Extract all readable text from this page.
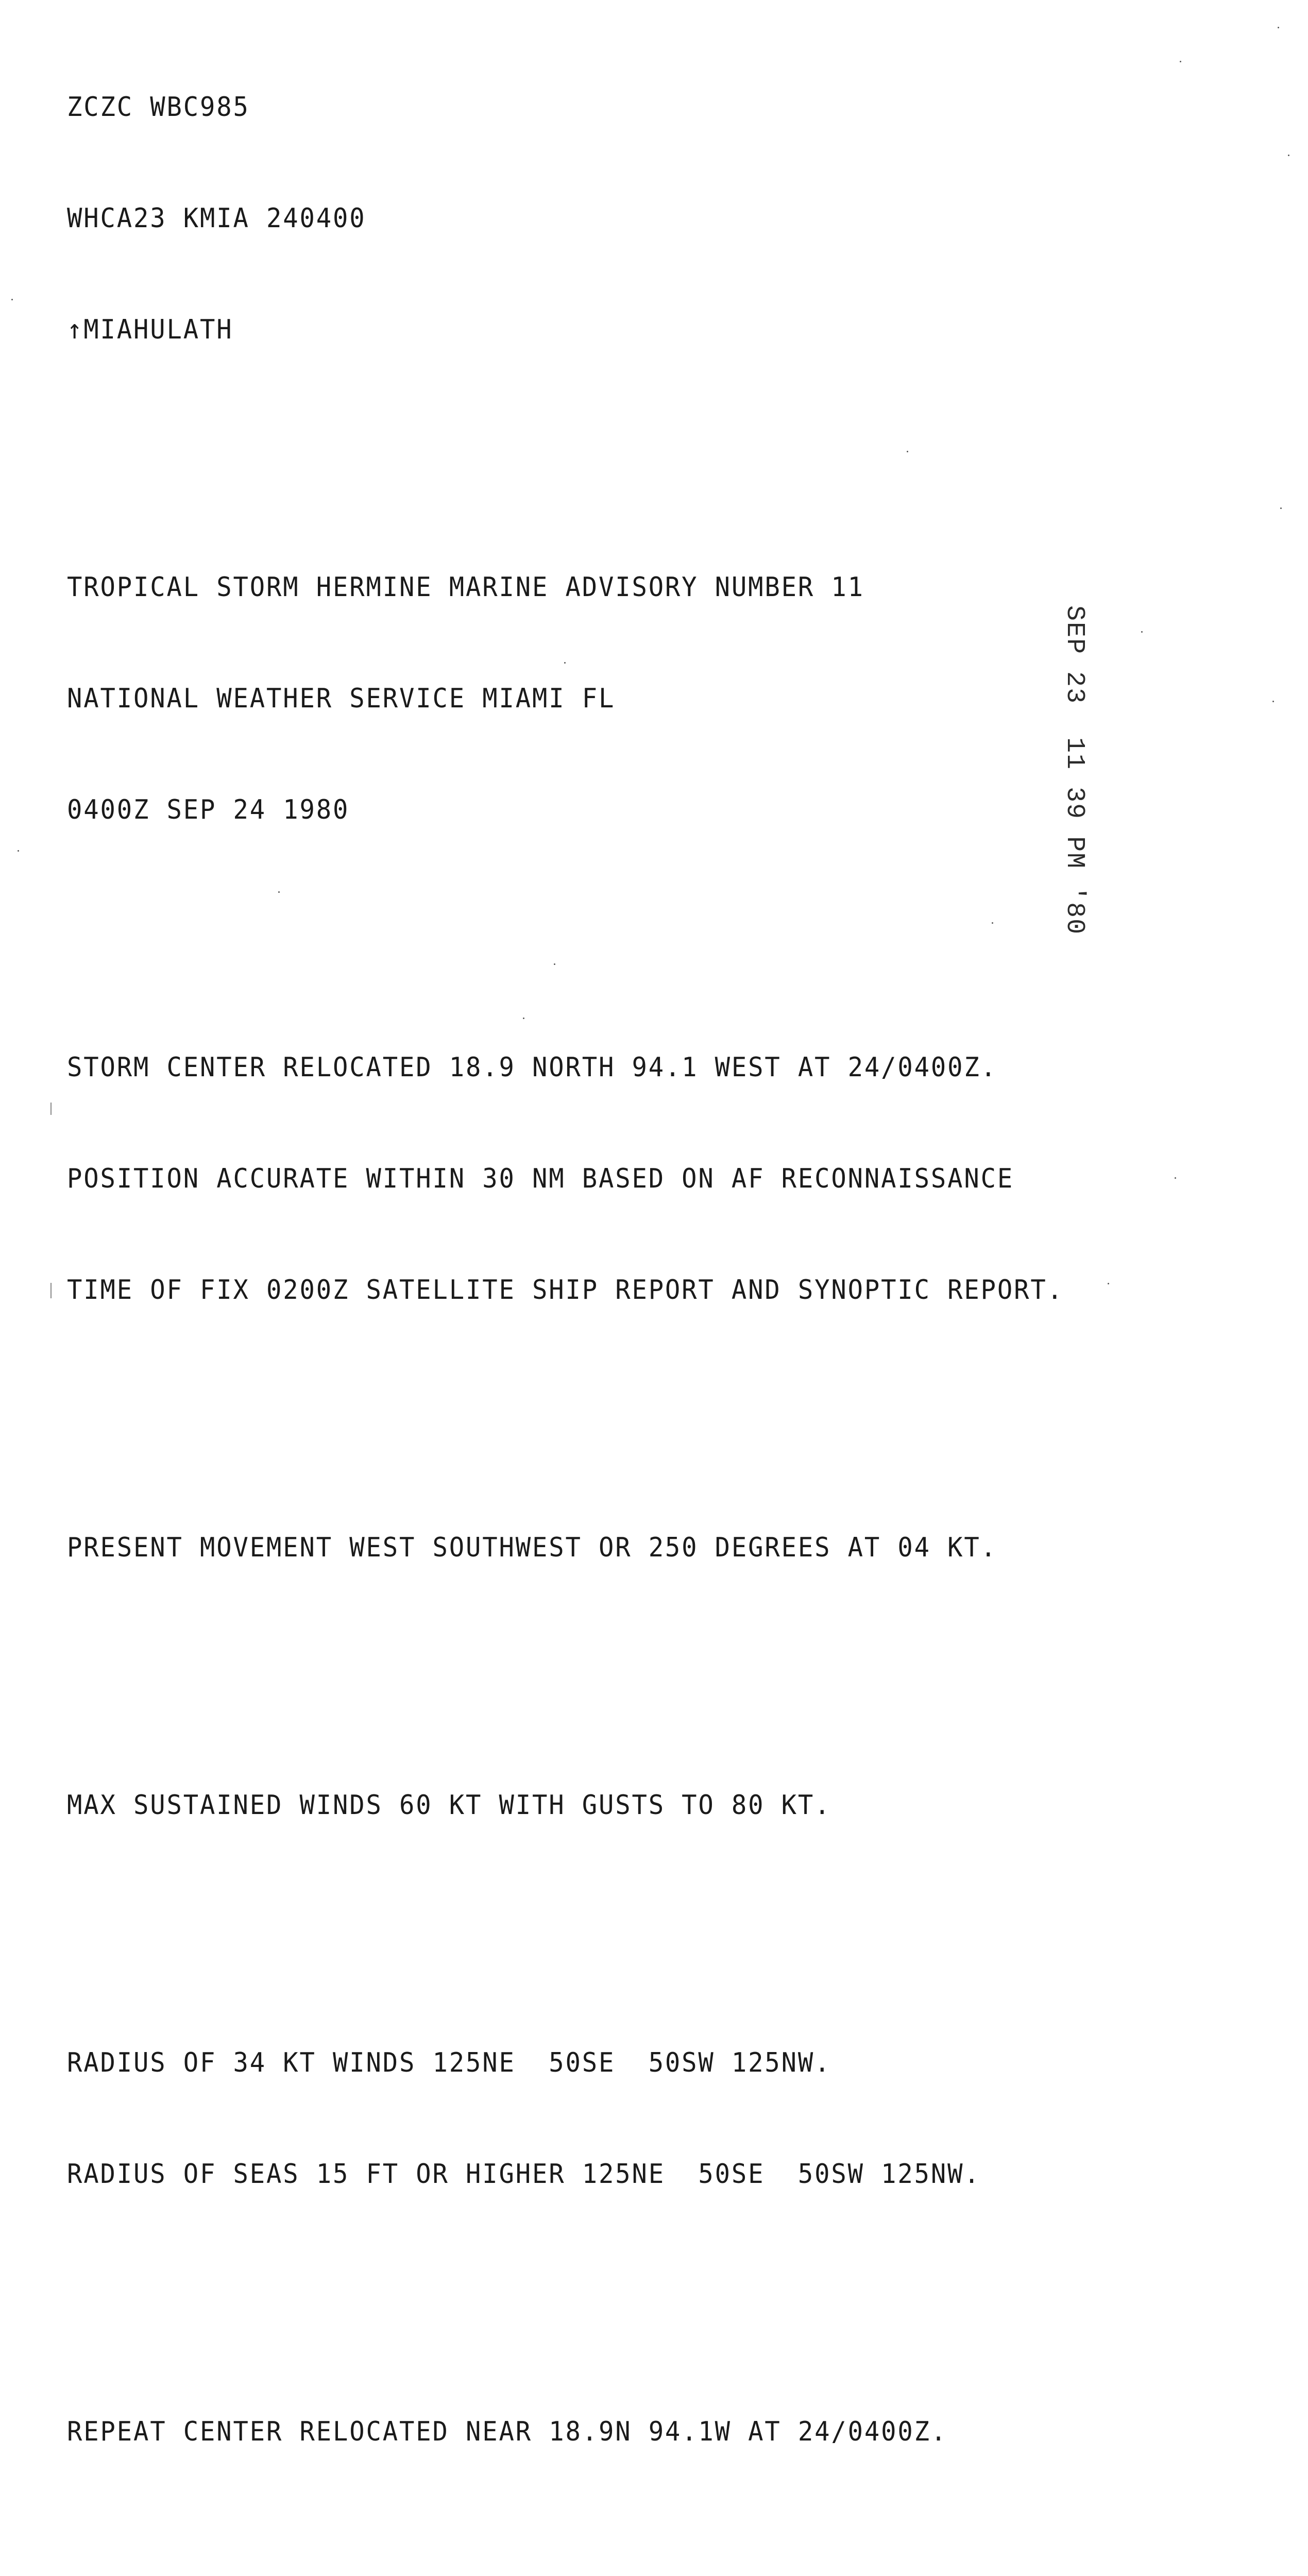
ZCZC WBC985

WHCA23 KMIA 240400

↑MIAHULATH

TROPICAL STORM HERMINE MARINE ADVISORY NUMBER 11

NATIONAL WEATHER SERVICE MIAMI FL

0400Z SEP 24 1980

STORM CENTER RELOCATED 18.9 NORTH 94.1 WEST AT 24/0400Z.

POSITION ACCURATE WITHIN 30 NM BASED ON AF RECONNAISSANCE

TIME OF FIX 0200Z SATELLITE SHIP REPORT AND SYNOPTIC REPORT.

PRESENT MOVEMENT WEST SOUTHWEST OR 250 DEGREES AT 04 KT.

MAX SUSTAINED WINDS 60 KT WITH GUSTS TO 80 KT.

RADIUS OF 34 KT WINDS 125NE  50SE  50SW 125NW.

RADIUS OF SEAS 15 FT OR HIGHER 125NE  50SE  50SW 125NW.

REPEAT CENTER RELOCATED NEAR 18.9N 94.1W AT 24/0400Z.

SEP 23  11 39 PM '80
